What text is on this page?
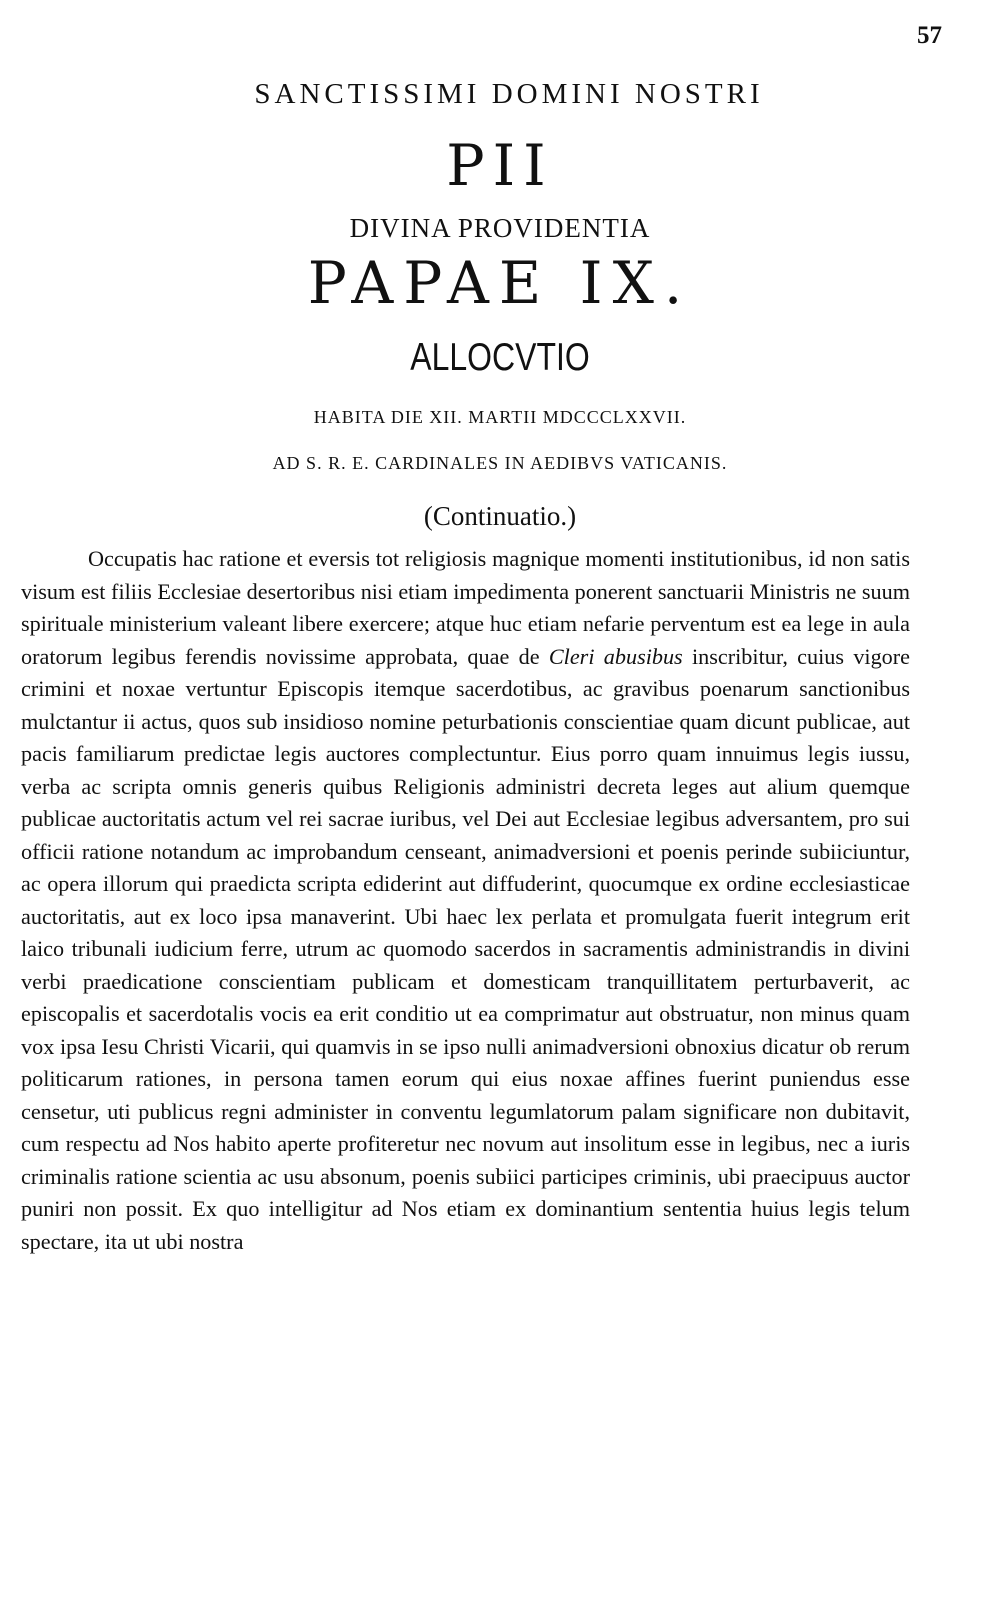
57
SANCTISSIMI DOMINI NOSTRI
PII
DIVINA PROVIDENTIA
PAPAE IX.
ALLOCVTIO
HABITA DIE XII. MARTII MDCCCLXXVII.
AD S. R. E. CARDINALES IN AEDIBVS VATICANIS.
(Continuatio.)

Occupatis hac ratione et eversis tot religiosis magnique momenti institutionibus, id non satis visum est filiis Ecclesiae desertoribus nisi etiam impedimenta ponerent sanctuarii Ministris ne suum spirituale ministerium valeant libere exercere; atque huc etiam nefarie perventum est ea lege in aula oratorum legibus ferendis novissime approbata, quae de Cleri abusibus inscribitur, cuius vigore crimini et noxae vertuntur Episcopis itemque sacerdotibus, ac gravibus poenarum sanctionibus mulctantur ii actus, quos sub insidioso nomine peturbationis conscientiae quam dicunt publicae, aut pacis familiarum predictae legis auctores complectuntur. Eius porro quam innuimus legis iussu, verba ac scripta omnis generis quibus Religionis administri decreta leges aut alium quemque publicae auctoritatis actum vel rei sacrae iuribus, vel Dei aut Ecclesiae legibus adversantem, pro sui officii ratione notandum ac improbandum censeant, animadversioni et poenis perinde subiiciuntur, ac opera illorum qui praedicta scripta ediderint aut diffuderint, quocumque ex ordine ecclesiasticae auctoritatis, aut ex loco ipsa manaverint. Ubi haec lex perlata et promulgata fuerit integrum erit laico tribunali iudicium ferre, utrum ac quomodo sacerdos in sacramentis administrandis in divini verbi praedicatione conscientiam publicam et domesticam tranquillitatem perturbaverit, ac episcopalis et sacerdotalis vocis ea erit conditio ut ea comprimatur aut obstruatur, non minus quam vox ipsa Iesu Christi Vicarii, qui quamvis in se ipso nulli animadversioni obnoxius dicatur ob rerum politicarum rationes, in persona tamen eorum qui eius noxae affines fuerint puniendus esse censetur, uti publicus regni administer in conventu legumlatorum palam significare non dubitavit, cum respectu ad Nos habito aperte profiteretur nec novum aut insolitum esse in legibus, nec a iuris criminalis ratione scientia ac usu absonum, poenis subiici participes criminis, ubi praecipuus auctor puniri non possit. Ex quo intelligitur ad Nos etiam ex dominantium sententia huius legis telum spectare, ita ut ubi nostra
